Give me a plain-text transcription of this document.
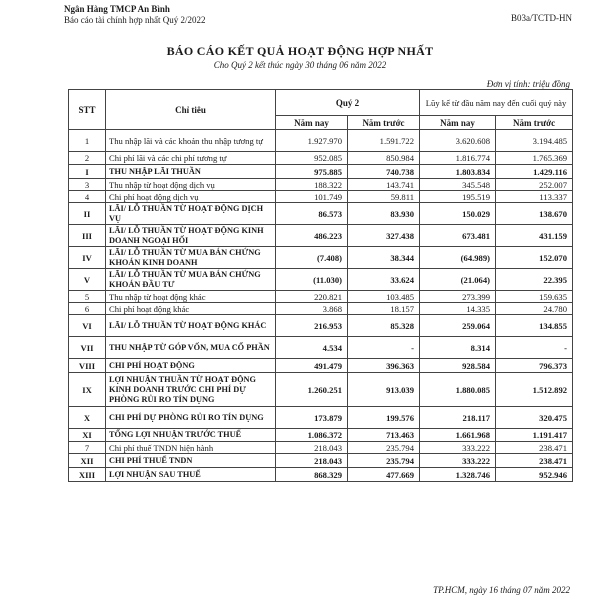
Ngân Hàng TMCP An Bình
Báo cáo tài chính hợp nhất Quý 2/2022	B03a/TCTD-HN
BÁO CÁO KẾT QUẢ HOẠT ĐỘNG HỢP NHẤT
Cho Quý 2 kết thúc ngày 30 tháng 06 năm 2022
Đơn vị tính: triệu đồng
STT	Chỉ tiêu	Quý 2		Lũy kế từ đầu năm nay đến cuối quý này	
		Năm nay	Năm trước	Năm nay	Năm trước
1	Thu nhập lãi và các khoản thu nhập tương tự	1.927.970	1.591.722	3.620.608	3.194.485
2	Chi phí lãi và các chi phí tương tự	952.085	850.984	1.816.774	1.765.369
I	THU NHẬP LÃI THUẦN	975.885	740.738	1.803.834	1.429.116
3	Thu nhập từ hoạt động dịch vụ	188.322	143.741	345.548	252.007
4	Chi phí hoạt động dịch vụ	101.749	59.811	195.519	113.337
II	LÃI/ LỖ THUẦN TỪ HOẠT ĐỘNG DỊCH VỤ	86.573	83.930	150.029	138.670
III	LÃI/ LỖ THUẦN TỪ HOẠT ĐỘNG KINH DOANH NGOẠI HỐI	486.223	327.438	673.481	431.159
IV	LÃI/ LỖ THUẦN TỪ MUA BÁN CHỨNG KHOÁN KINH DOANH	(7.408)	38.344	(64.989)	152.070
V	LÃI/ LỖ THUẦN TỪ MUA BÁN CHỨNG KHOÁN ĐẦU TƯ	(11.030)	33.624	(21.064)	22.395
5	Thu nhập từ hoạt động khác	220.821	103.485	273.399	159.635
6	Chi phí hoạt động khác	3.868	18.157	14.335	24.780
VI	LÃI/ LỖ THUẦN TỪ HOẠT ĐỘNG KHÁC	216.953	85.328	259.064	134.855
VII	THU NHẬP TỪ GÓP VỐN, MUA CỔ PHẦN	4.534	-	8.314	-
VIII	CHI PHÍ HOẠT ĐỘNG	491.479	396.363	928.584	796.373
IX	LỢI NHUẬN THUẦN TỪ HOẠT ĐỘNG KINH DOANH TRƯỚC CHI PHÍ DỰ PHÒNG RỦI RO TÍN DỤNG	1.260.251	913.039	1.880.085	1.512.892
X	CHI PHÍ DỰ PHÒNG RỦI RO TÍN DỤNG	173.879	199.576	218.117	320.475
XI	TỔNG LỢI NHUẬN TRƯỚC THUẾ	1.086.372	713.463	1.661.968	1.191.417
7	Chi phí thuế TNDN hiện hành	218.043	235.794	333.222	238.471
XII	CHI PHÍ THUẾ TNDN	218.043	235.794	333.222	238.471
XIII	LỢI NHUẬN SAU THUẾ	868.329	477.669	1.328.746	952.946
TP.HCM, ngày 16 tháng 07 năm 2022
